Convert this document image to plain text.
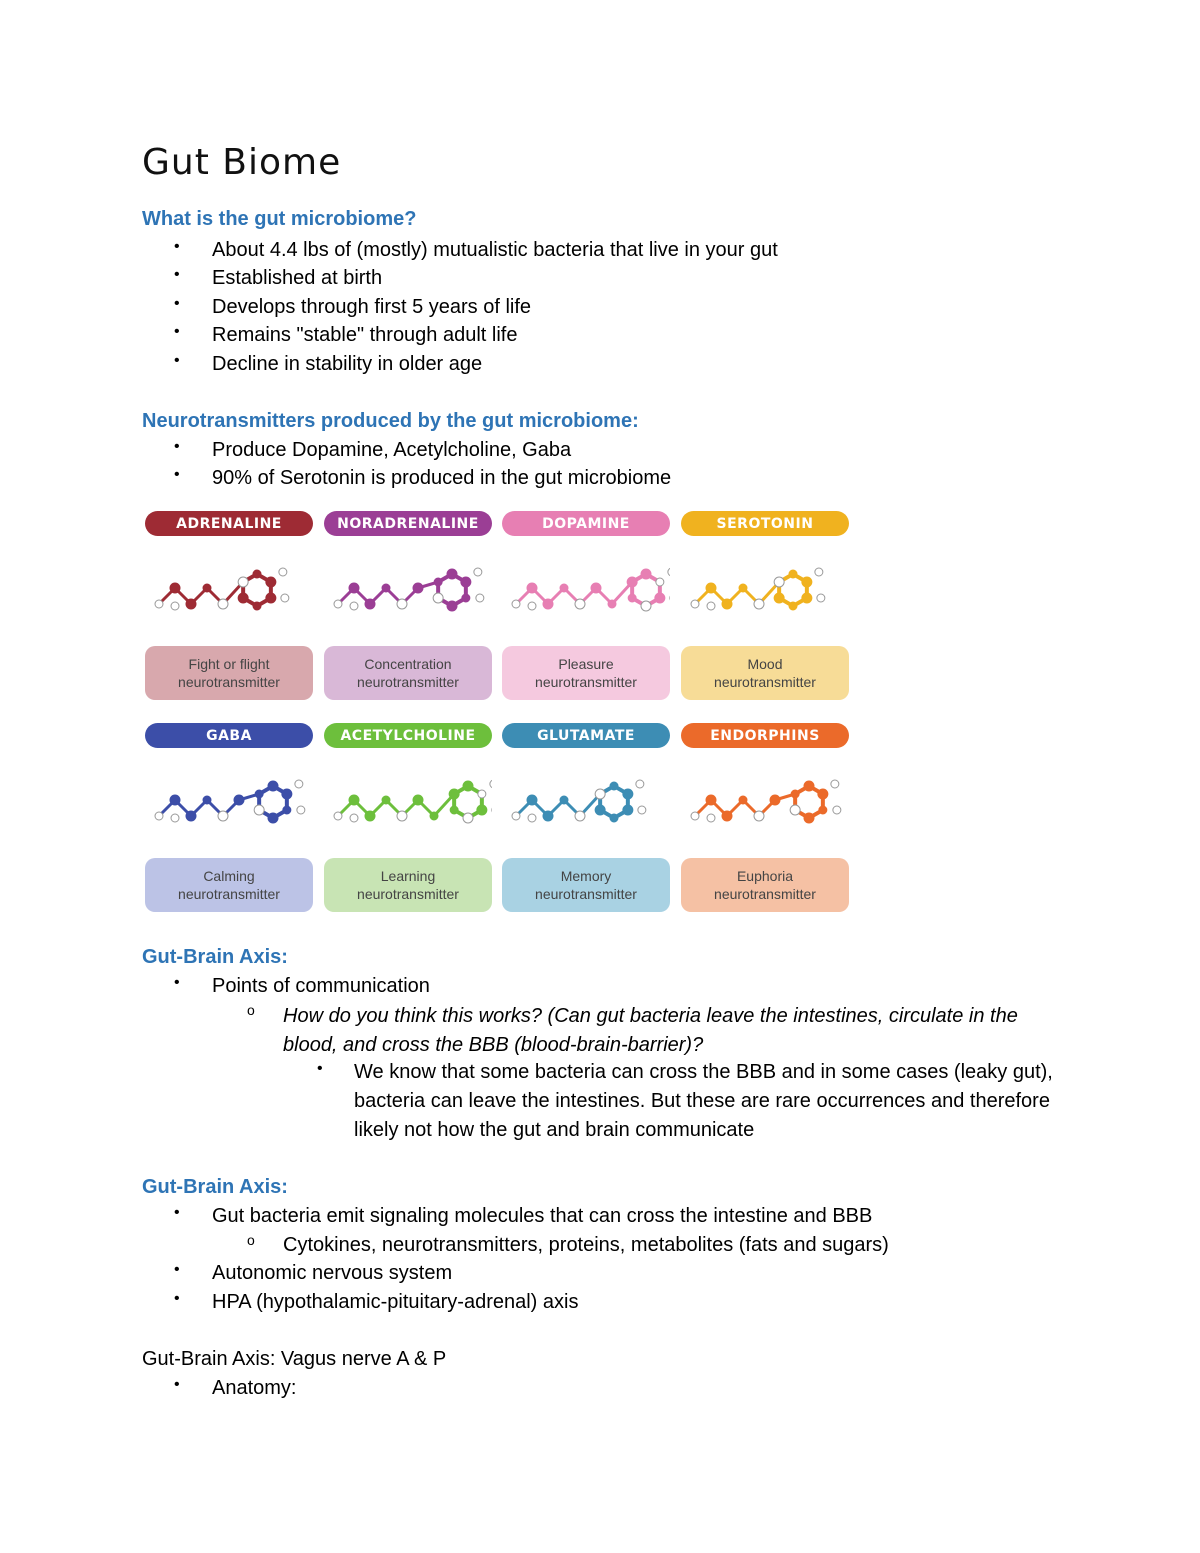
Gut Biome
What is the gut microbiome?
• About 4.4 lbs of (mostly) mutualistic bacteria that live in your gut
• Established at birth
• Develops through first 5 years of life
• Remains "stable" through adult life
• Decline in stability in older age
Neurotransmitters produced by the gut microbiome:
• Produce Dopamine, Acetylcholine, Gaba
• 90% of Serotonin is produced in the gut microbiome
ADRENALINE
Fight or flight
neurotransmitter
NORADRENALINE
Concentration
neurotransmitter
DOPAMINE
Pleasure
neurotransmitter
SEROTONIN
Mood
neurotransmitter
GABA
Calming
neurotransmitter
ACETYLCHOLINE
Learning
neurotransmitter
GLUTAMATE
Memory
neurotransmitter
ENDORPHINS
Euphoria
neurotransmitter
Gut-Brain Axis:
• Points of communication
o How do you think this works? (Can gut bacteria leave the intestines, circulate in the blood, and cross the BBB (blood-brain-barrier)?
• We know that some bacteria can cross the BBB and in some cases (leaky gut), bacteria can leave the intestines. But these are rare occurrences and therefore likely not how the gut and brain communicate
Gut-Brain Axis:
• Gut bacteria emit signaling molecules that can cross the intestine and BBB
o Cytokines, neurotransmitters, proteins, metabolites (fats and sugars)
• Autonomic nervous system
• HPA (hypothalamic-pituitary-adrenal) axis
Gut-Brain Axis: Vagus nerve A & P
• Anatomy:
